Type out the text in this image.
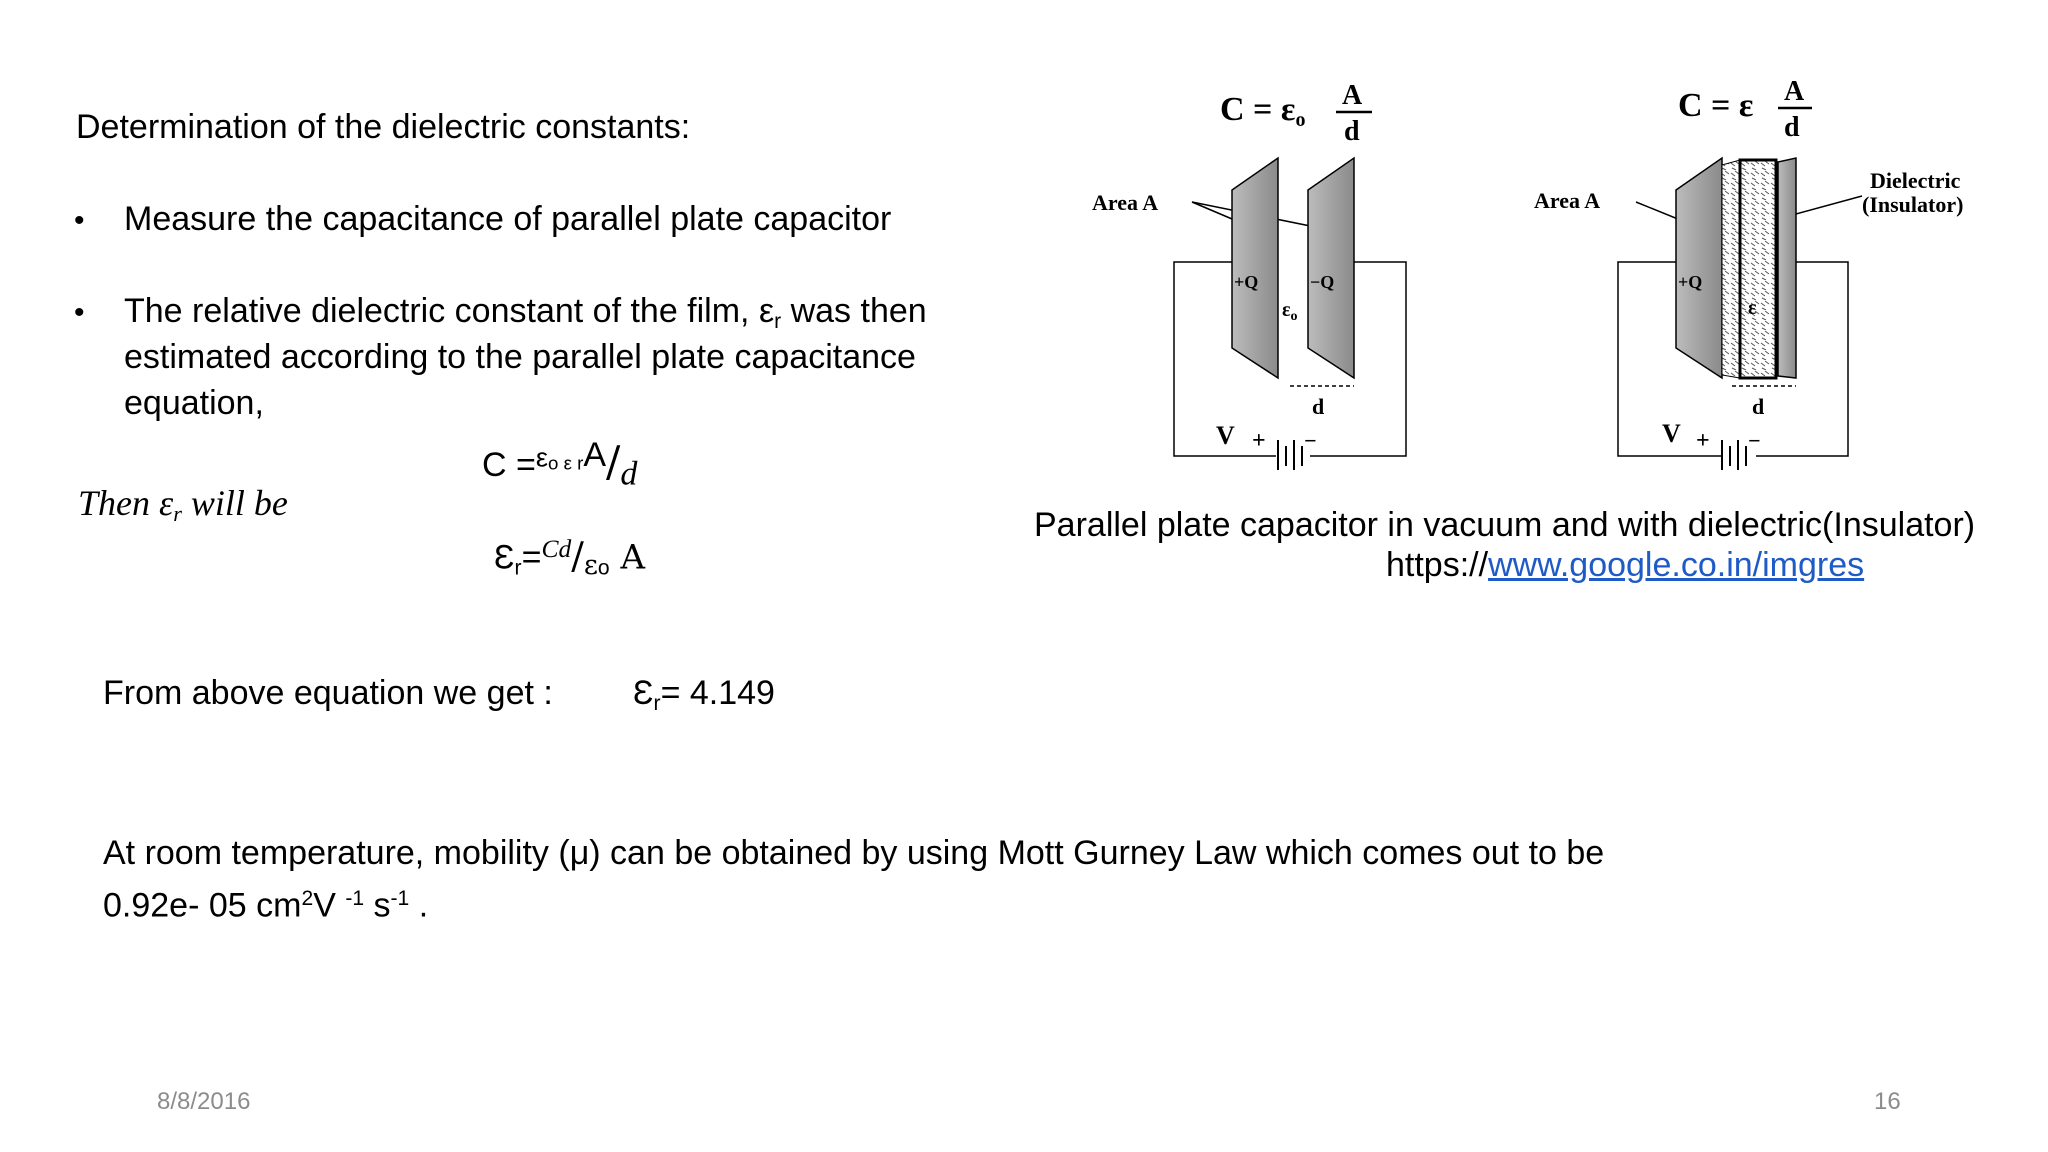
Determination of the dielectric constants:
• Measure the capacitance of parallel plate capacitor
• The relative dielectric constant of the film, $\varepsilon_r$ was then
estimated according to the parallel plate capacitance
equation,
C =$^\varepsilon$o ε rA/d
Then $\varepsilon_r$ will be
$Ɛ_r=^{Cd}/\varepsilon_o$ A
From above equation we get : $Ɛ_r= 4.149$
At room temperature, mobility (μ) can be obtained by using Mott Gurney Law which comes out to be
0.92e- 05 $cm^2V$ $^{-1}$ $s^{-1}$ .
C = εo
A
d
Area A
+Q	−Q
$\varepsilon_o$
d
V + −
C = ε A
d
Area A
Dielectric
(Insulator)
+Q
ε
d
V + −
Parallel plate capacitor in vacuum and with dielectric(Insulator)
https://www.google.co.in/imgres
8/8/2016	16
